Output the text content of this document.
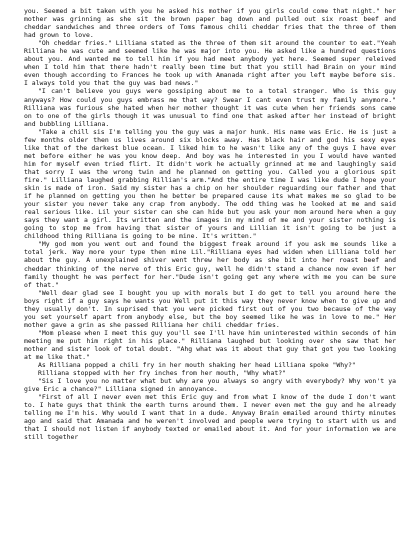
you. Seemed a bit taken with you he asked his mother if you girls could come that night." her mother was grinning as she sit the brown paper bag down and pulled out six roast beef and cheddar sandwiches and three orders of Toms famous chili cheddar fries that the three of them had grown to love.

"Oh cheddar fries." Lilliana stated as the three of them sit around the counter to eat."Yeah Rilliana he was cute and seemed like he was major into you. He asked like a hundred questions about you. And wanted me to tell him if you had meet anybody yet here. Seemed super releived when I told him that there hadn't really been time but that you still had Brain on your mind even though according to Frances he took up with Amanada right after you left maybe before sis. I always told you that the guy was bad news."

"I can't believe you guys were gossiping about me to a total stranger. Who is this guy anyways? How could you guys embrass me that way? Swear I cant even trust my family anymore." Rilliana was furious she hated when her mother thought it was cute when her friends sons came on to one of the girls though it was unusual to find one that asked after her instead of bright and bubbling Lilliana.

"Take a chill sis I'm telling you the guy was a major hunk. His name was Eric. He is just a few months older then us lives around six blocks away. Has black hair and god his sexy eyes like that of the darkest blue ocean. I liked him to he wasn't like any of the guys I have ever met before either he was you know deep. And boy was he interested in you I would have wanted him for myself even tried flirt. It didn't work he actually grinned at me and laughingly said that sorry I was the wrong twin and he planned on getting you. Called you a glorious spit fire." Lilliana laughed grabbing Rillian's arm."And the entire time I was like dude I hope your skin is made of iron. Said my sister has a chip on her shoulder reguarding our father and that if he planned on getting you then he better be prepared cause its what makes me so glad to be your sister you never take any crap from anybody. The odd thing was he looked at me and said real serious like. Lil your sister can she can hide but you ask your mom around here when a guy says they want a girl. Its written and the images in my mind of me and your sister nothing is going to stop me from having that sister of yours and Lillian it isn't going to be just a childhood thing Rilliana is going to be mine. It's written."

"My god mom you went out and found the biggest freak around if you ask me sounds like a total jerk. Way more your type then mine Lil."Rilliana eyes had widen when Lilliana told her about the guy. A unexplained shiver went threw her body as she bit into her roast beef and cheddar thinking of the nerve of this Eric guy, well he didn't stand a chance now even if her family thought he was perfect for her."Dude isn't going get any where with me you can be sure of that."

"Well dear glad see I bought you up with morals but I do get to tell you around here the boys right if a guy says he wants you Well put it this way they never know when to give up and they usually don't. In suprised that you were picked first out of you two because of the way you set yourself apart from anybody else, but the boy seemed like he was in love to me." Her mother gave a grin as she passed Rilliana her chili cheddar fries.

"Mom please when I meet this guy you'll see I'll have him uninterested within seconds of him meeting me put him right in his place." Rilliana laughed but looking over she saw that her mother and sister look of total doubt. "Ahg what was it about that guy that got you two looking at me like that."

As Rilliana popped a chili fry in her mouth shaking her head Lilliana spoke "Why?"

Rilliana stopped with her fry inches from her mouth, "Why what?"

"Sis I love you no matter what but why are you always so angry with everybody? Why won't ya give Eric a chance?" Lilliana signed in annoyance.

"First of all I never even met this Eric guy and from what I know of the dude I don't want to. I hate guys that think the earth turns around them. I never even met the guy and he already telling me I'm his. Why would I want that in a dude. Anyway Brain emailed around thirty minutes ago and said that Amanada and he weren't involved and people were trying to start with us and that I should not listen if anybody texted or emailed about it. And for your information we are still together
